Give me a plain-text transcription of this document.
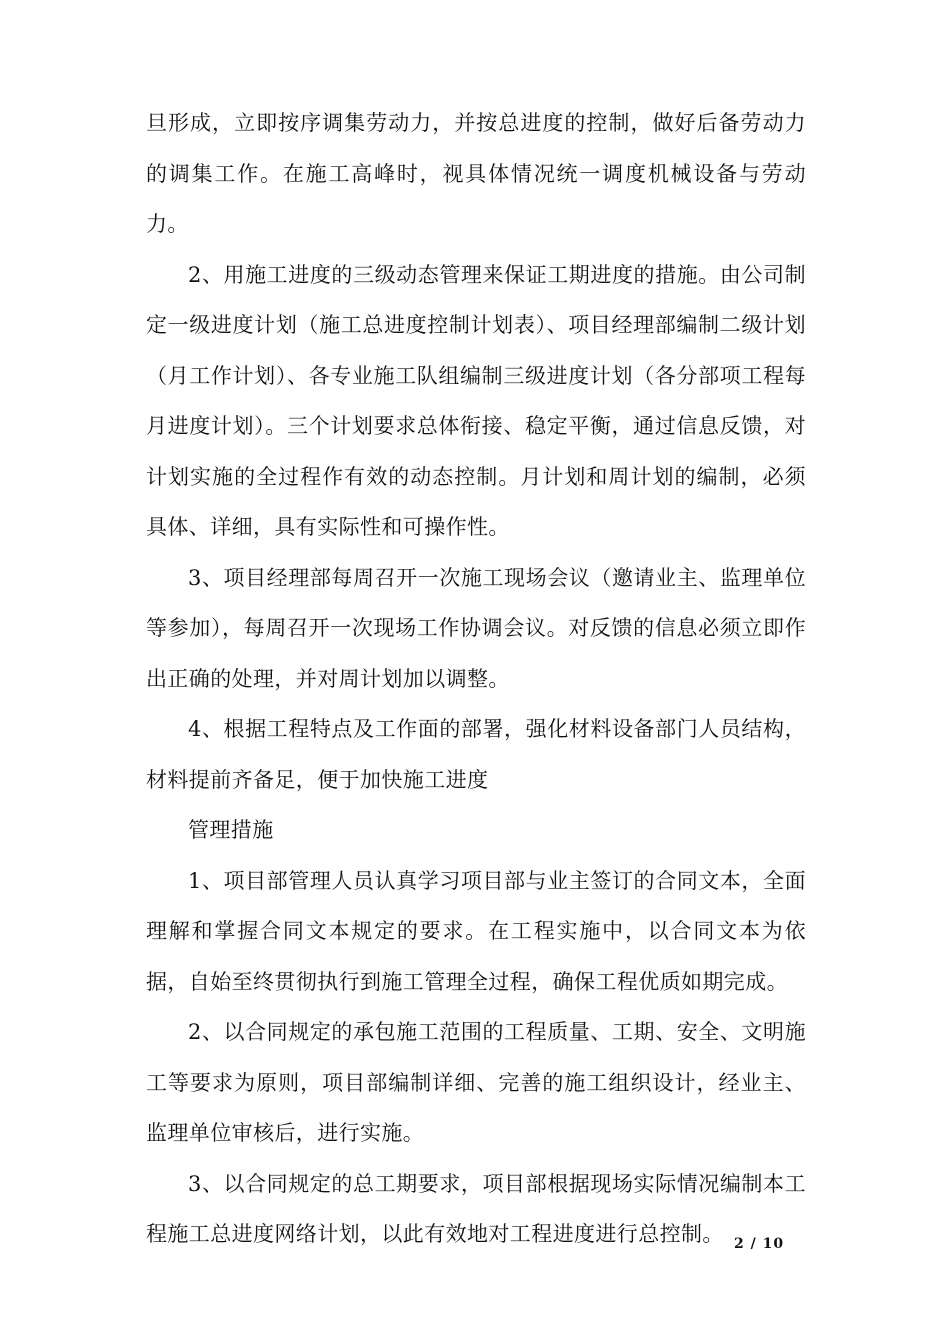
旦形成，立即按序调集劳动力，并按总进度的控制，做好后备劳动力的调集工作。在施工高峰时，视具体情况统一调度机械设备与劳动力。

2、用施工进度的三级动态管理来保证工期进度的措施。由公司制定一级进度计划（施工总进度控制计划表）、项目经理部编制二级计划（月工作计划）、各专业施工队组编制三级进度计划（各分部项工程每月进度计划）。三个计划要求总体衔接、稳定平衡，通过信息反馈，对计划实施的全过程作有效的动态控制。月计划和周计划的编制，必须具体、详细，具有实际性和可操作性。

3、项目经理部每周召开一次施工现场会议（邀请业主、监理单位等参加），每周召开一次现场工作协调会议。对反馈的信息必须立即作出正确的处理，并对周计划加以调整。

4、根据工程特点及工作面的部署，强化材料设备部门人员结构，材料提前齐备足，便于加快施工进度

管理措施

1、项目部管理人员认真学习项目部与业主签订的合同文本，全面理解和掌握合同文本规定的要求。在工程实施中，以合同文本为依据，自始至终贯彻执行到施工管理全过程，确保工程优质如期完成。

2、以合同规定的承包施工范围的工程质量、工期、安全、文明施工等要求为原则，项目部编制详细、完善的施工组织设计，经业主、监理单位审核后，进行实施。

3、以合同规定的总工期要求，项目部根据现场实际情况编制本工程施工总进度网络计划，以此有效地对工程进度进行总控制。 2 / 10
